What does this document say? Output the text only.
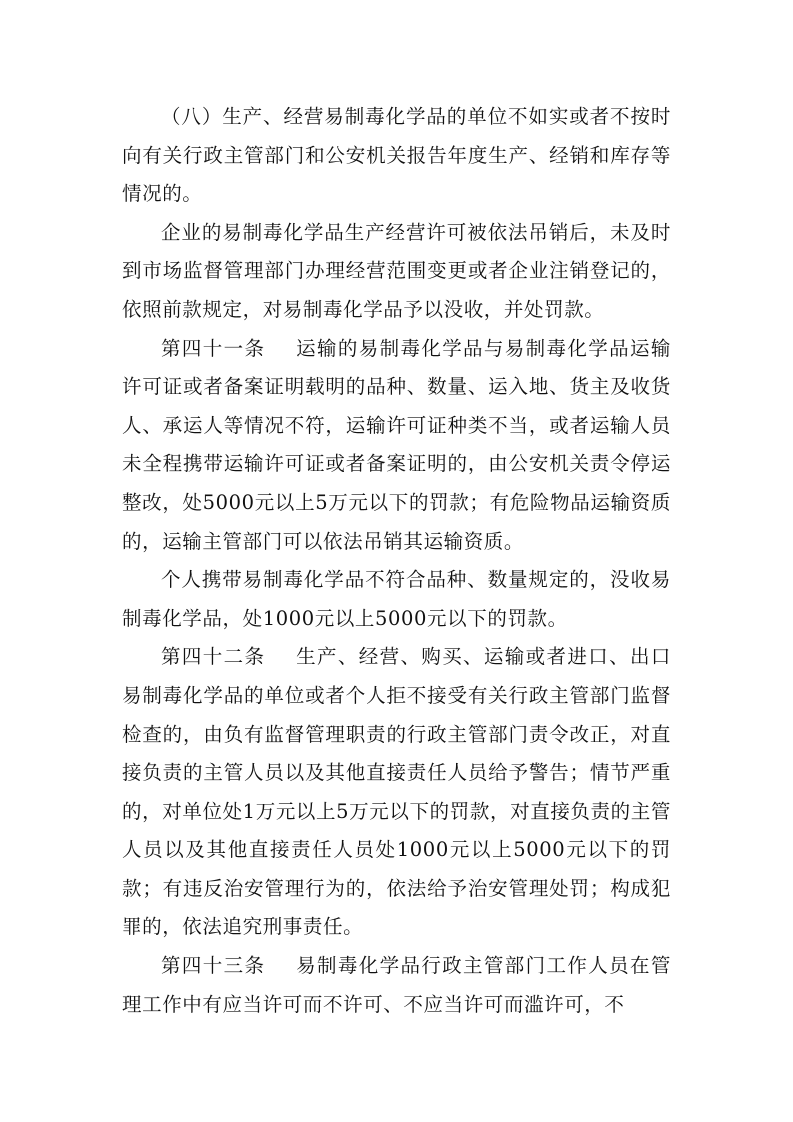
（八）生产、经营易制毒化学品的单位不如实或者不按时向有关行政主管部门和公安机关报告年度生产、经销和库存等情况的。

企业的易制毒化学品生产经营许可被依法吊销后，未及时到市场监督管理部门办理经营范围变更或者企业注销登记的，依照前款规定，对易制毒化学品予以没收，并处罚款。

第四十一条 运输的易制毒化学品与易制毒化学品运输许可证或者备案证明载明的品种、数量、运入地、货主及收货人、承运人等情况不符，运输许可证种类不当，或者运输人员未全程携带运输许可证或者备案证明的，由公安机关责令停运整改，处5000元以上5万元以下的罚款；有危险物品运输资质的，运输主管部门可以依法吊销其运输资质。

个人携带易制毒化学品不符合品种、数量规定的，没收易制毒化学品，处1000元以上5000元以下的罚款。

第四十二条 生产、经营、购买、运输或者进口、出口易制毒化学品的单位或者个人拒不接受有关行政主管部门监督检查的，由负有监督管理职责的行政主管部门责令改正，对直接负责的主管人员以及其他直接责任人员给予警告；情节严重的，对单位处1万元以上5万元以下的罚款，对直接负责的主管人员以及其他直接责任人员处1000元以上5000元以下的罚款；有违反治安管理行为的，依法给予治安管理处罚；构成犯罪的，依法追究刑事责任。

第四十三条 易制毒化学品行政主管部门工作人员在管理工作中有应当许可而不许可、不应当许可而滥许可，不
